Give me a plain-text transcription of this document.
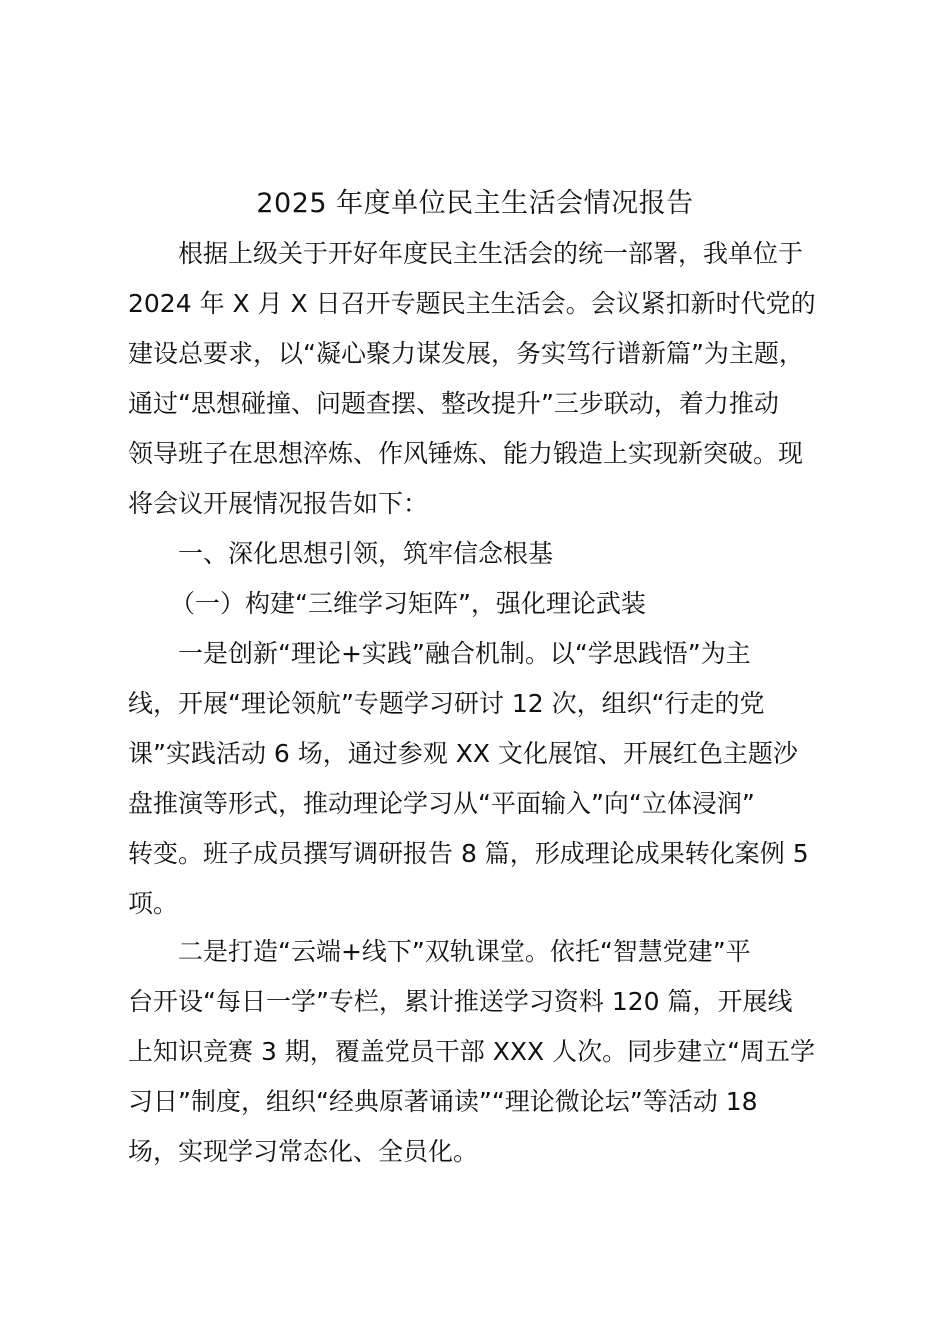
2025 年度单位民主生活会情况报告
根据上级关于开好年度民主生活会的统一部署，我单位于
2024 年 X 月 X 日召开专题民主生活会。会议紧扣新时代党的
建设总要求，以“凝心聚力谋发展，务实笃行谱新篇”为主题，
通过“思想碰撞、问题查摆、整改提升”三步联动，着力推动
领导班子在思想淬炼、作风锤炼、能力锻造上实现新突破。现
将会议开展情况报告如下：
一、深化思想引领，筑牢信念根基
（一）构建“三维学习矩阵”，强化理论武装
一是创新“理论+实践”融合机制。以“学思践悟”为主
线，开展“理论领航”专题学习研讨 12 次，组织“行走的党
课”实践活动 6 场，通过参观 XX 文化展馆、开展红色主题沙
盘推演等形式，推动理论学习从“平面输入”向“立体浸润”
转变。班子成员撰写调研报告 8 篇，形成理论成果转化案例 5
项。
二是打造“云端+线下”双轨课堂。依托“智慧党建”平
台开设“每日一学”专栏，累计推送学习资料 120 篇，开展线
上知识竞赛 3 期，覆盖党员干部 XXX 人次。同步建立“周五学
习日”制度，组织“经典原著诵读”“理论微论坛”等活动 18
场，实现学习常态化、全员化。
